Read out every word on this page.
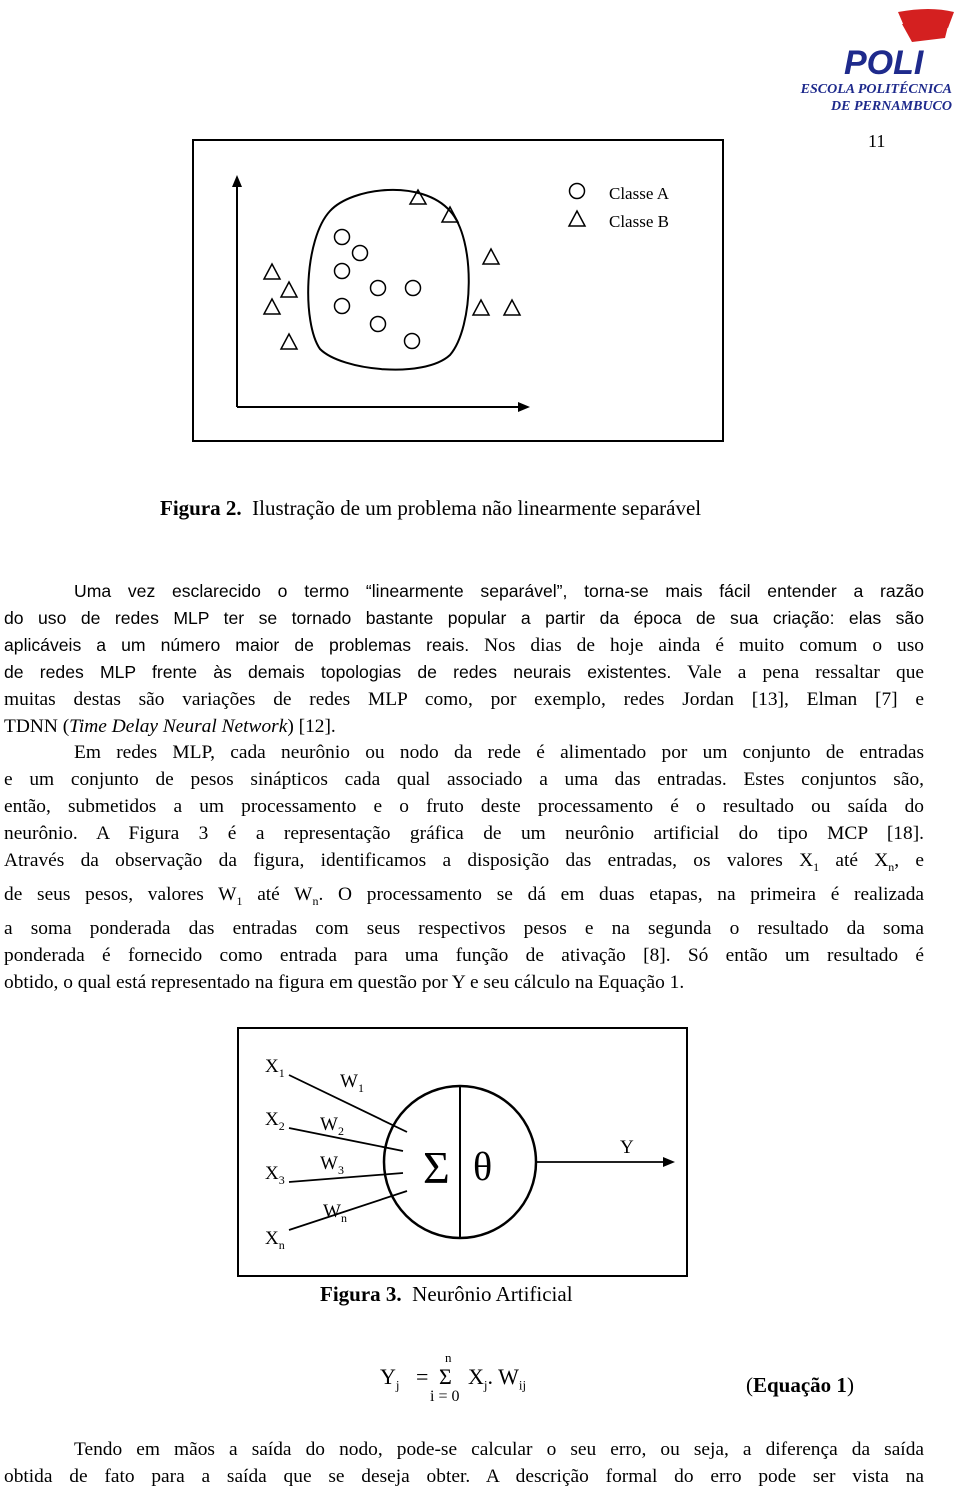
POLI
ESCOLA POLITÉCNICA
DE PERNAMBUCO
11
Classe A
Classe B
Figura 2. Ilustração de um problema não linearmente separável
Uma vez esclarecido o termo “linearmente separável”, torna-se mais fácil entender a razão
do uso de redes MLP ter se tornado bastante popular a partir da época de sua criação: elas são
aplicáveis a um número maior de problemas reais. Nos dias de hoje ainda é muito comum o uso
de redes MLP frente às demais topologias de redes neurais existentes. Vale a pena ressaltar que
muitas destas são variações de redes MLP como, por exemplo, redes Jordan [13], Elman [7] e
TDNN (Time Delay Neural Network) [12].
Em redes MLP, cada neurônio ou nodo da rede é alimentado por um conjunto de entradas
e um conjunto de pesos sinápticos cada qual associado a uma das entradas. Estes conjuntos são,
então, submetidos a um processamento e o fruto deste processamento é o resultado ou saída do
neurônio. A Figura 3 é a representação gráfica de um neurônio artificial do tipo MCP [18].
Através da observação da figura, identificamos a disposição das entradas, os valores $X_1$ até $X_n$, e
de seus pesos, valores $W_1$ até $W_n$. O processamento se dá em duas etapas, na primeira é realizada
a soma ponderada das entradas com seus respectivos pesos e na segunda o resultado da soma
ponderada é fornecido como entrada para uma função de ativação [8]. Só então um resultado é
obtido, o qual está representado na figura em questão por Y e seu cálculo na Equação 1.
$X_1$
$X_2$
$X_3$
$X_n$
$W_1$
$W_2$
$W_3$
$W_n$
Σ θ	Y
Figura 3. Neurônio Artificial
$Y_j$ =
n
Σ
i = 0
$X_j$. $W_{ij}$	(Equação 1)
Tendo em mãos a saída do nodo, pode-se calcular o seu erro, ou seja, a diferença da saída
obtida de fato para a saída que se deseja obter. A descrição formal do erro pode ser vista na
